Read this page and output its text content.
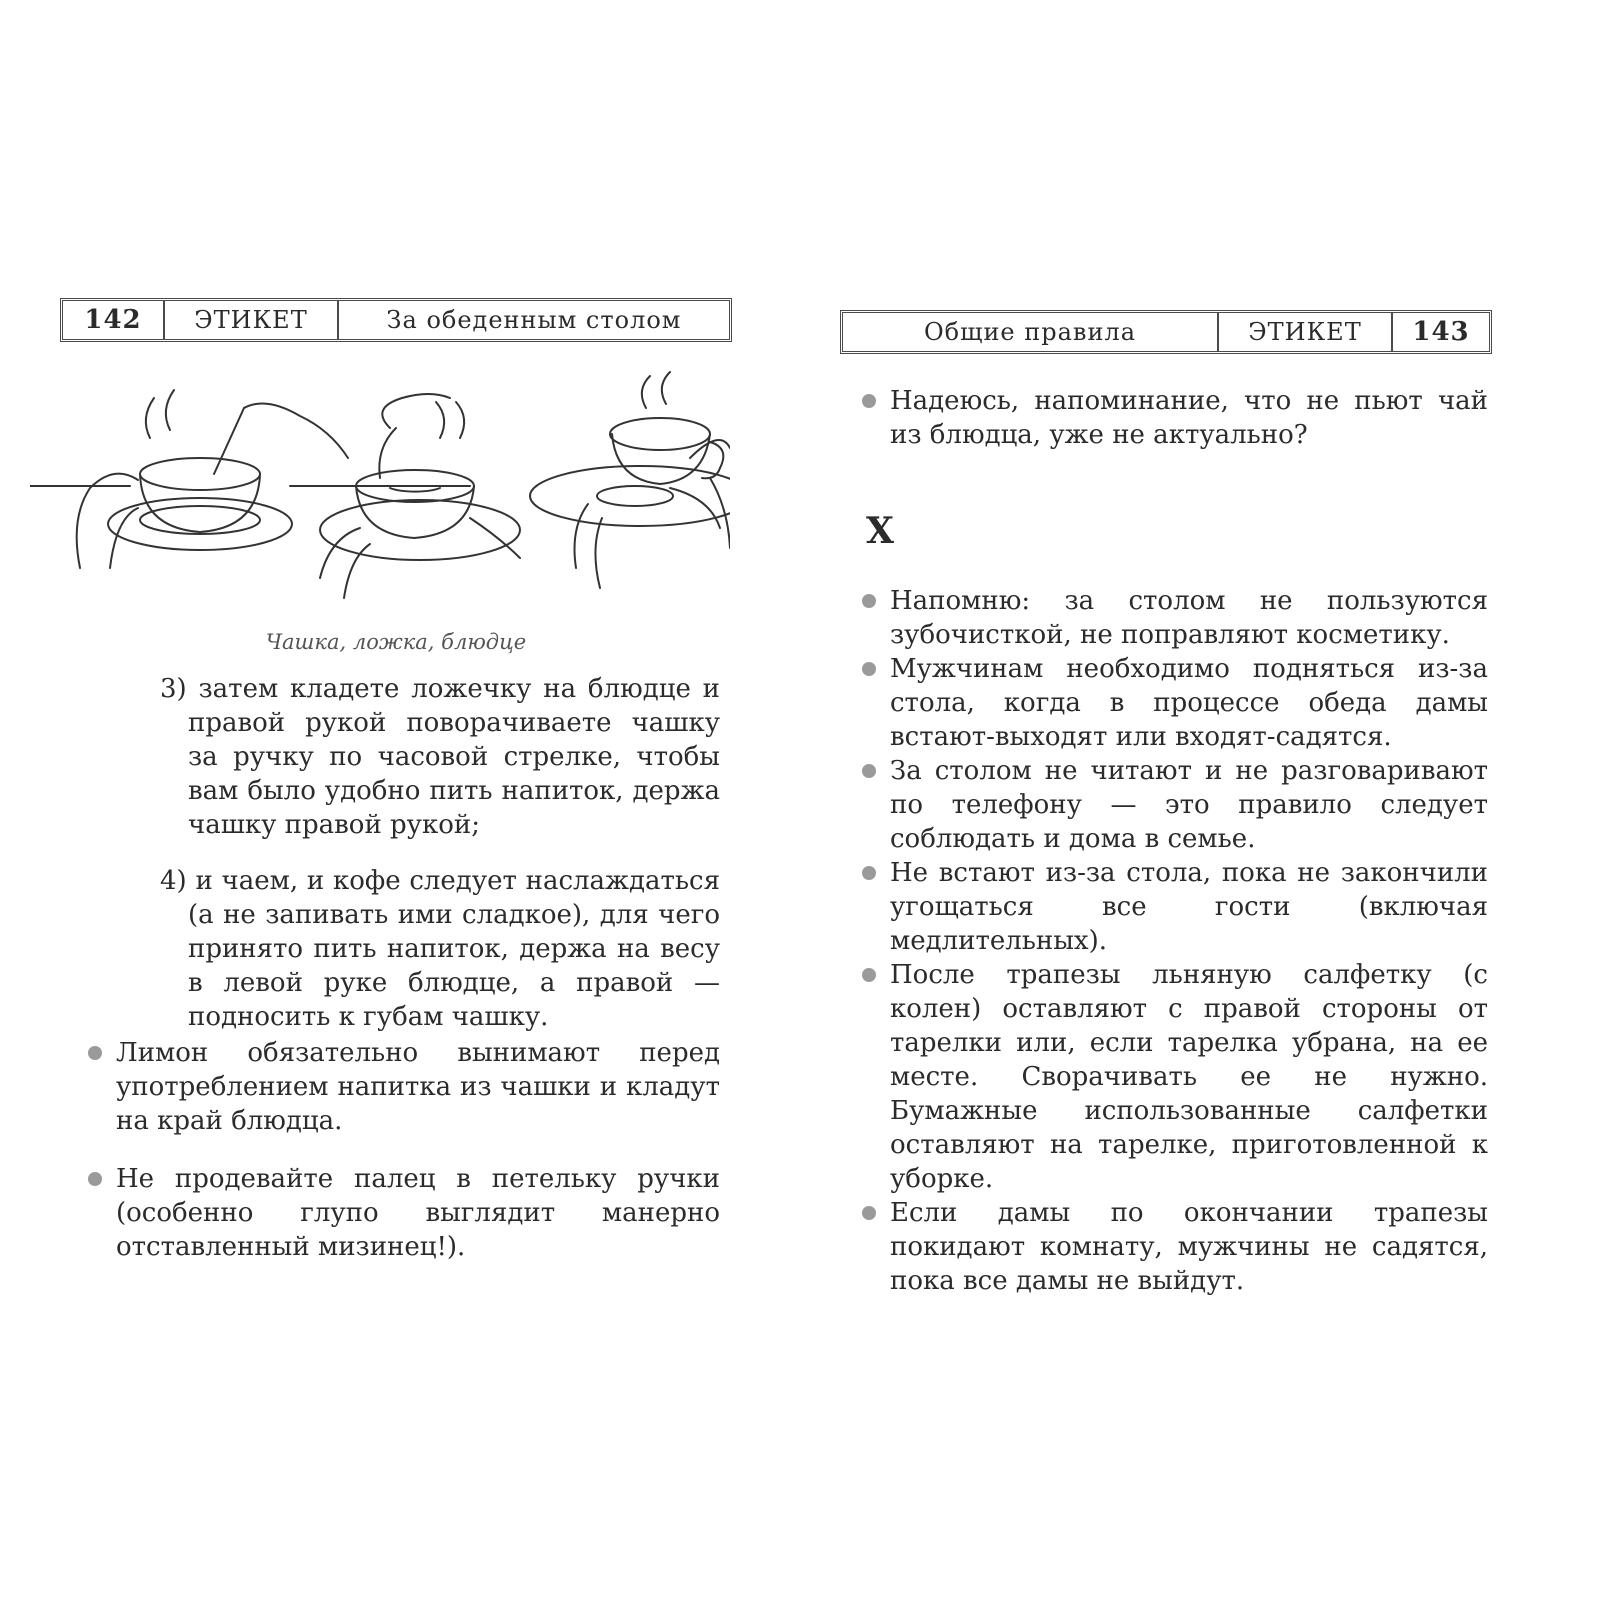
142	ЭТИКЕТ	За обеденным столом
Чашка, ложка, блюдце

3) затем кладете ложечку на блюдце и правой рукой поворачиваете чашку за ручку по часовой стрелке, чтобы вам было удобно пить напиток, держа чашку правой рукой;

4) и чаем, и кофе следует наслаждаться (а не запивать ими сладкое), для чего принято пить напиток, держа на весу в левой руке блюдце, а правой — подносить к губам чашку.

Лимон обязательно вынимают перед употреблением напитка из чашки и кладут на край блюдца.

Не продевайте палец в петельку ручки (особенно глупо выглядит манерно отставленный мизинец!).

Общие правила	ЭТИКЕТ	143

Надеюсь, напоминание, что не пьют чай из блюдца, уже не актуально?

X

Напомню: за столом не пользуются зубочисткой, не поправляют косметику.

Мужчинам необходимо подняться из-за стола, когда в процессе обеда дамы встают-выходят или входят-садятся.

За столом не читают и не разговаривают по телефону — это правило следует соблюдать и дома в семье.

Не встают из-за стола, пока не закончили угощаться все гости (включая медлительных).

После трапезы льняную салфетку (с колен) оставляют с правой стороны от тарелки или, если тарелка убрана, на ее месте. Сворачивать ее не нужно. Бумажные использованные салфетки оставляют на тарелке, приготовленной к уборке.

Если дамы по окончании трапезы покидают комнату, мужчины не садятся, пока все дамы не выйдут.
